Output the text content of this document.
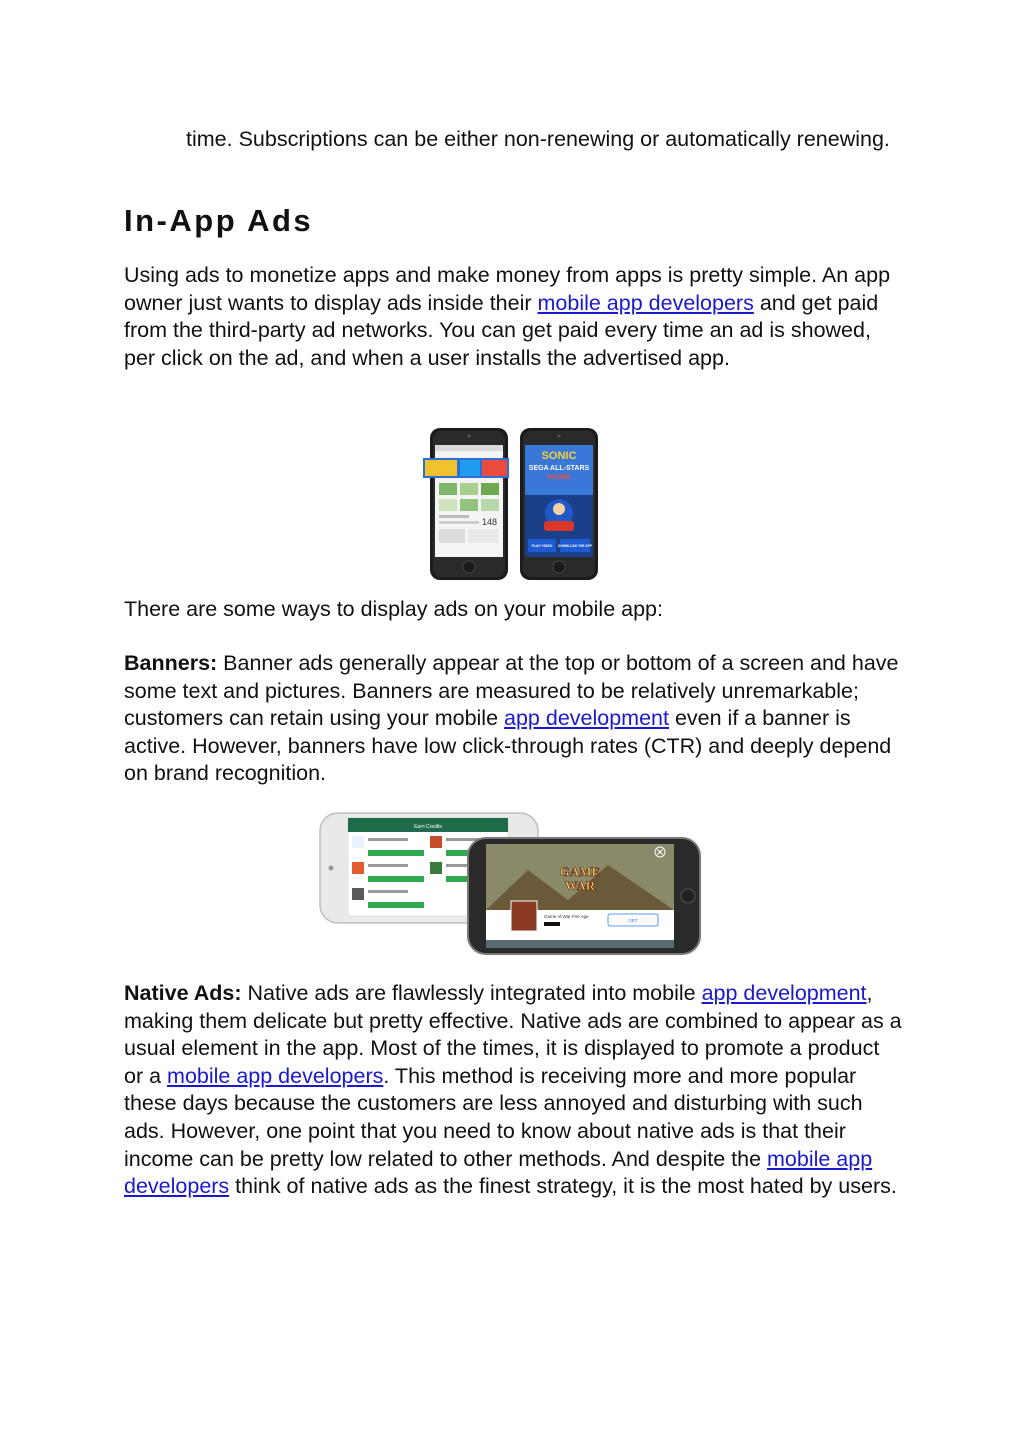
time. Subscriptions can be either non-renewing or automatically renewing.

In-App Ads

Using ads to monetize apps and make money from apps is pretty simple. An app owner just wants to display ads inside their mobile app developers and get paid from the third-party ad networks. You can get paid every time an ad is showed, per click on the ad, and when a user installs the advertised app.

148
SONIC
SEGA ALL-STARS
RACING
PLAY VIDEO DOWNLOAD THE APP

There are some ways to display ads on your mobile app:

Banners: Banner ads generally appear at the top or bottom of a screen and have some text and pictures. Banners are measured to be relatively unremarkable; customers can retain using your mobile app development even if a banner is active. However, banners have low click-through rates (CTR) and deeply depend on brand recognition.

Earn Credits
GAME
WAR
Game of War Fire Age
GET

Native Ads: Native ads are flawlessly integrated into mobile app development, making them delicate but pretty effective. Native ads are combined to appear as a usual element in the app. Most of the times, it is displayed to promote a product or a mobile app developers. This method is receiving more and more popular these days because the customers are less annoyed and disturbing with such ads. However, one point that you need to know about native ads is that their income can be pretty low related to other methods. And despite the mobile app developers think of native ads as the finest strategy, it is the most hated by users.
